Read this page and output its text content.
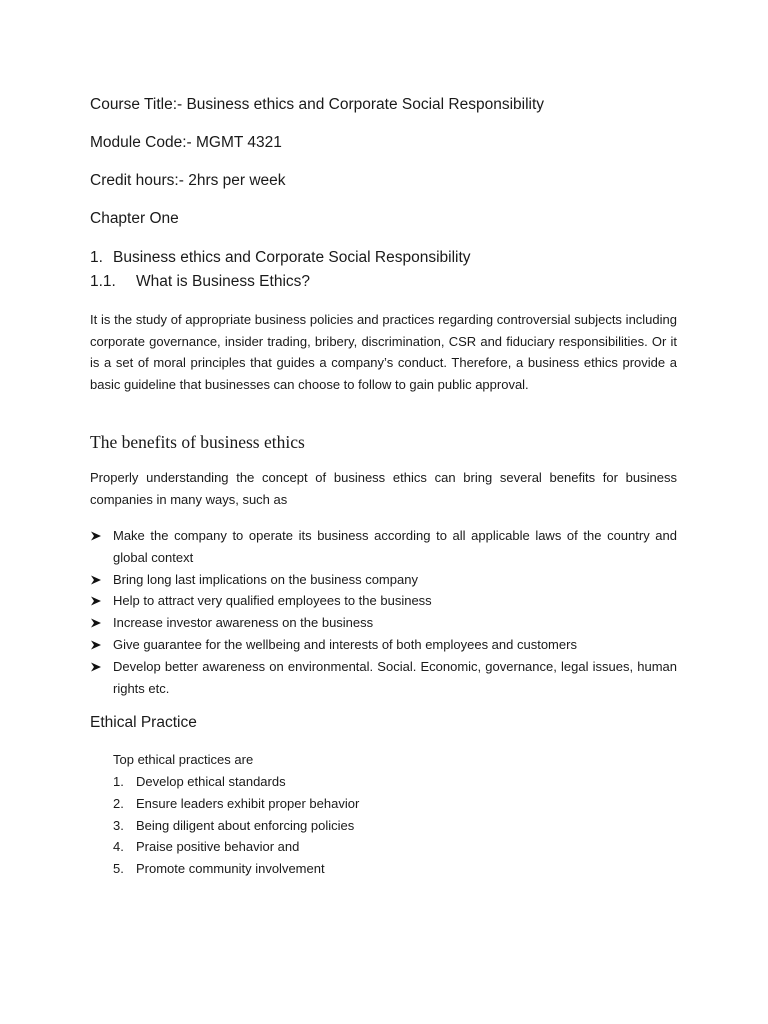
Course Title:- Business ethics and Corporate Social Responsibility
Module Code:- MGMT 4321
Credit hours:- 2hrs per week
Chapter One
1. Business ethics and Corporate Social Responsibility
1.1. What is Business Ethics?
It is the study of appropriate business policies and practices regarding controversial subjects including corporate governance, insider trading, bribery, discrimination, CSR and fiduciary responsibilities. Or it is a set of moral principles that guides a company’s conduct. Therefore, a business ethics provide a basic guideline that businesses can choose to follow to gain public approval.
The benefits of business ethics
Properly understanding the concept of business ethics can bring several benefits for business companies in many ways, such as
Make the company to operate its business according to all applicable laws of the country and global context
Bring long last implications on the business company
Help to attract very qualified employees to the business
Increase investor awareness on the business
Give guarantee for the wellbeing and interests of both employees and customers
Develop better awareness on environmental. Social. Economic, governance, legal issues, human rights etc.
Ethical Practice
Top ethical practices are
1. Develop ethical standards
2. Ensure leaders exhibit proper behavior
3. Being diligent about enforcing policies
4. Praise positive behavior and
5. Promote community involvement
